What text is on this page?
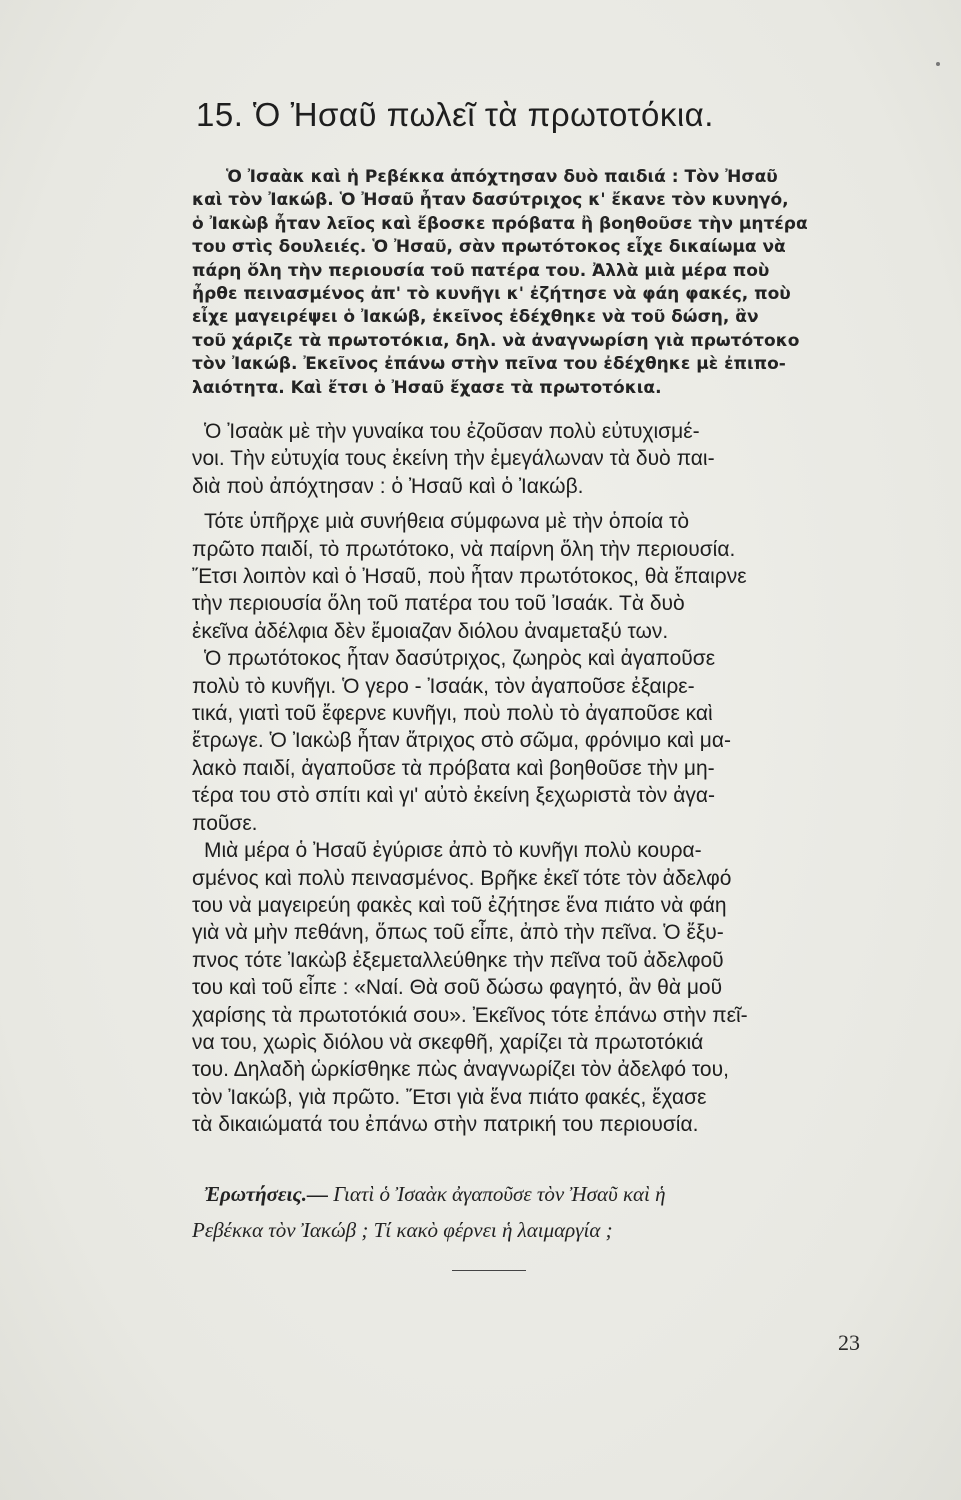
15. Ὁ Ἠσαῦ πωλεῖ τὰ πρωτοτόκια.
Ὁ Ἰσαὰκ καὶ ἡ Ρεβέκκα ἀπόχτησαν δυὸ παιδιά : Τὸν Ἠσαῦ
καὶ τὸν Ἰακώβ. Ὁ Ἠσαῦ ἦταν δασύτριχος κ' ἔκανε τὸν κυνηγό,
ὁ Ἰακὼβ ἦταν λεῖος καὶ ἔβοσκε πρόβατα ἢ βοηθοῦσε τὴν μητέρα
του στὶς δουλειές. Ὁ Ἠσαῦ, σὰν πρωτότοκος εἶχε δικαίωμα νὰ
πάρη ὅλη τὴν περιουσία τοῦ πατέρα του. Ἀλλὰ μιὰ μέρα ποὺ
ἦρθε πεινασμένος ἀπ' τὸ κυνῆγι κ' ἐζήτησε νὰ φάη φακές, ποὺ
εἶχε μαγειρέψει ὁ Ἰακώβ, ἐκεῖνος ἐδέχθηκε νὰ τοῦ δώση, ἂν
τοῦ χάριζε τὰ πρωτοτόκια, δηλ. νὰ ἀναγνωρίση γιὰ πρωτότοκο
τὸν Ἰακώβ. Ἐκεῖνος ἐπάνω στὴν πεῖνα του ἐδέχθηκε μὲ ἐπιπο-
λαιότητα. Καὶ ἔτσι ὁ Ἠσαῦ ἔχασε τὰ πρωτοτόκια.
Ὁ Ἰσαὰκ μὲ τὴν γυναίκα του ἐζοῦσαν πολὺ εὐτυχισμέ-
νοι. Τὴν εὐτυχία τους ἐκείνη τὴν ἐμεγάλωναν τὰ δυὸ παι-
διὰ ποὺ ἀπόχτησαν : ὁ Ἠσαῦ καὶ ὁ Ἰακώβ.
Τότε ὑπῆρχε μιὰ συνήθεια σύμφωνα μὲ τὴν ὁποία τὸ
πρῶτο παιδί, τὸ πρωτότοκο, νὰ παίρνη ὅλη τὴν περιουσία.
Ἔτσι λοιπὸν καὶ ὁ Ἠσαῦ, ποὺ ἦταν πρωτότοκος, θὰ ἔπαιρνε
τὴν περιουσία ὅλη τοῦ πατέρα του τοῦ Ἰσαάκ. Τὰ δυὸ
ἐκεῖνα ἀδέλφια δὲν ἔμοιαζαν διόλου ἀναμεταξύ των.
Ὁ πρωτότοκος ἦταν δασύτριχος, ζωηρὸς καὶ ἀγαποῦσε
πολὺ τὸ κυνῆγι. Ὁ γερο - Ἰσαάκ, τὸν ἀγαποῦσε ἐξαιρε-
τικά, γιατὶ τοῦ ἔφερνε κυνῆγι, ποὺ πολὺ τὸ ἀγαποῦσε καὶ
ἔτρωγε. Ὁ Ἰακὼβ ἦταν ἄτριχος στὸ σῶμα, φρόνιμο καὶ μα-
λακὸ παιδί, ἀγαποῦσε τὰ πρόβατα καὶ βοηθοῦσε τὴν μη-
τέρα του στὸ σπίτι καὶ γι' αὐτὸ ἐκείνη ξεχωριστὰ τὸν ἀγα-
ποῦσε.
Μιὰ μέρα ὁ Ἠσαῦ ἐγύρισε ἀπὸ τὸ κυνῆγι πολὺ κουρα-
σμένος καὶ πολὺ πεινασμένος. Βρῆκε ἐκεῖ τότε τὸν ἀδελφό
του νὰ μαγειρεύη φακὲς καὶ τοῦ ἐζήτησε ἕνα πιάτο νὰ φάη
γιὰ νὰ μὴν πεθάνη, ὅπως τοῦ εἶπε, ἀπὸ τὴν πεῖνα. Ὁ ἔξυ-
πνος τότε Ἰακὼβ ἐξεμεταλλεύθηκε τὴν πεῖνα τοῦ ἀδελφοῦ
του καὶ τοῦ εἶπε : «Ναί. Θὰ σοῦ δώσω φαγητό, ἂν θὰ μοῦ
χαρίσης τὰ πρωτοτόκιά σου». Ἐκεῖνος τότε ἐπάνω στὴν πεῖ-
να του, χωρὶς διόλου νὰ σκεφθῆ, χαρίζει τὰ πρωτοτόκιά
του. Δηλαδὴ ὡρκίσθηκε πὼς ἀναγνωρίζει τὸν ἀδελφό του,
τὸν Ἰακώβ, γιὰ πρῶτο. Ἔτσι γιὰ ἕνα πιάτο φακές, ἔχασε
τὰ δικαιώματά του ἐπάνω στὴν πατρική του περιουσία.
Ἐρωτήσεις.— Γιατὶ ὁ Ἰσαὰκ ἀγαποῦσε τὸν Ἠσαῦ καὶ ἡ
Ρεβέκκα τὸν Ἰακώβ ; Τί κακὸ φέρνει ἡ λαιμαργία ;
23
